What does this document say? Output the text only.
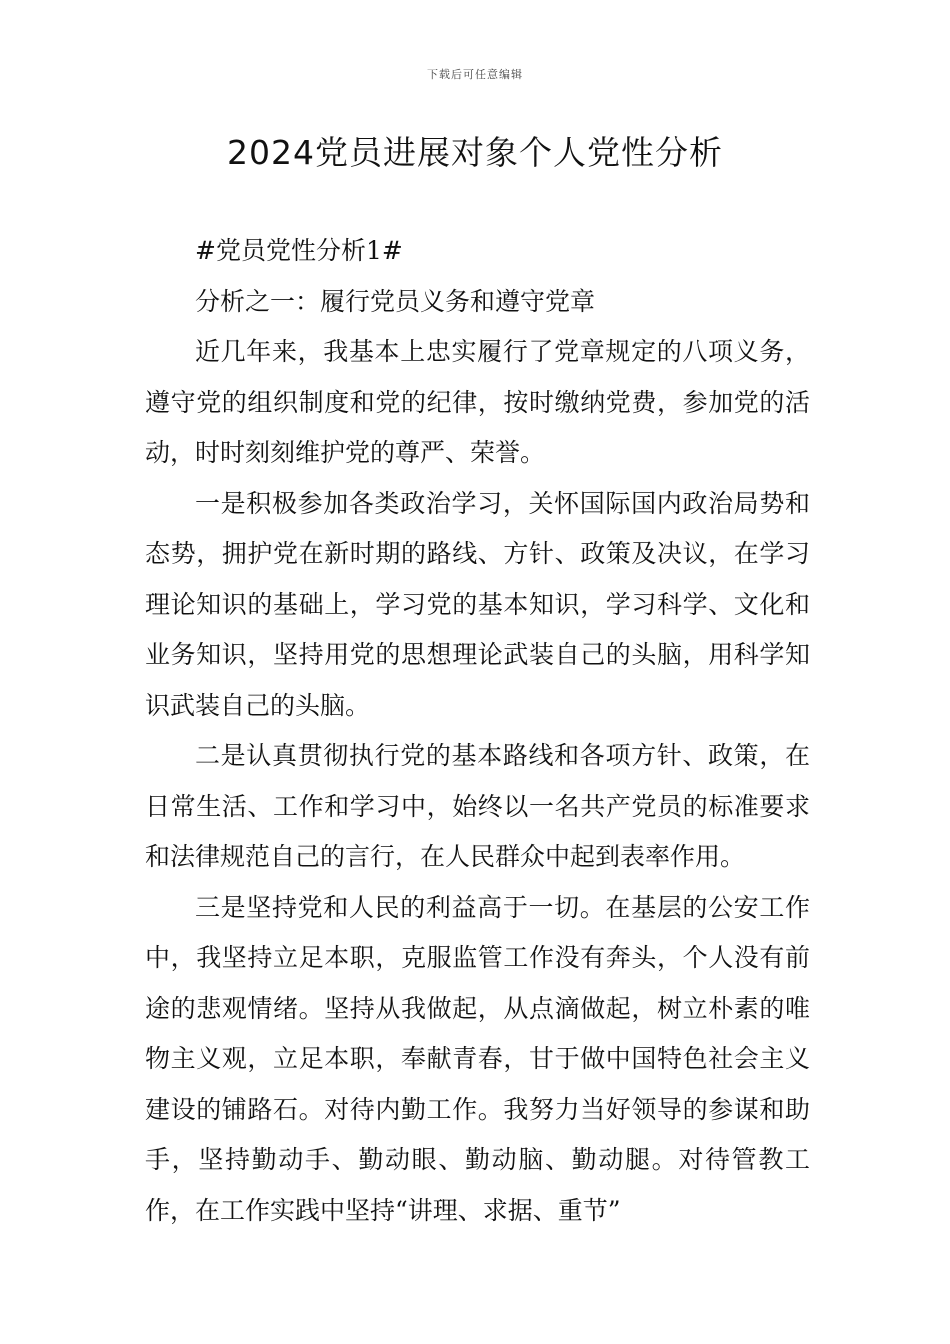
下载后可任意编辑
2024党员进展对象个人党性分析

#党员党性分析1#

分析之一：履行党员义务和遵守党章

近几年来，我基本上忠实履行了党章规定的八项义务，遵守党的组织制度和党的纪律，按时缴纳党费，参加党的活动，时时刻刻维护党的尊严、荣誉。

一是积极参加各类政治学习，关怀国际国内政治局势和态势，拥护党在新时期的路线、方针、政策及决议，在学习理论知识的基础上，学习党的基本知识，学习科学、文化和业务知识，坚持用党的思想理论武装自己的头脑，用科学知识武装自己的头脑。

二是认真贯彻执行党的基本路线和各项方针、政策，在日常生活、工作和学习中，始终以一名共产党员的标准要求和法律规范自己的言行，在人民群众中起到表率作用。

三是坚持党和人民的利益高于一切。在基层的公安工作中，我坚持立足本职，克服监管工作没有奔头，个人没有前途的悲观情绪。坚持从我做起，从点滴做起，树立朴素的唯物主义观，立足本职，奉献青春，甘于做中国特色社会主义建设的铺路石。对待内勤工作。我努力当好领导的参谋和助手，坚持勤动手、勤动眼、勤动脑、勤动腿。对待管教工作，在工作实践中坚持“讲理、求据、重节”
